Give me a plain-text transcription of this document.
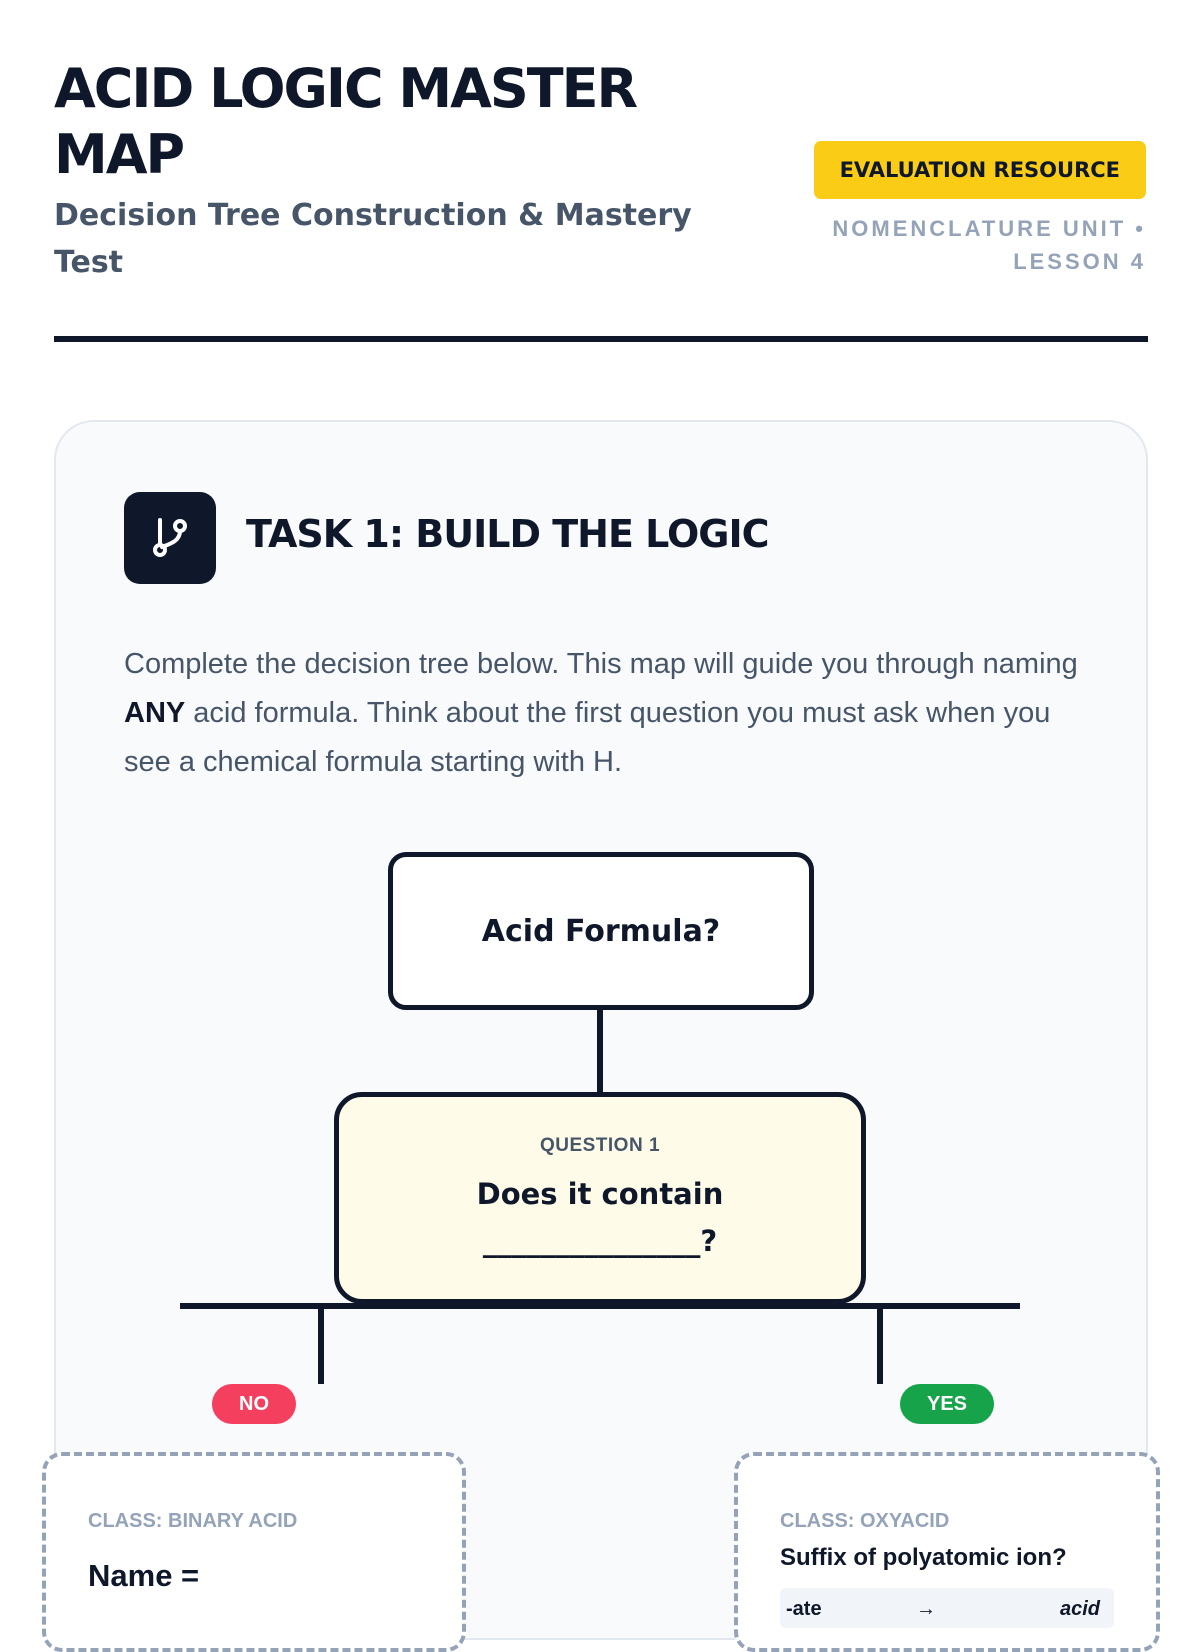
ACID LOGIC MASTER MAP

Decision Tree Construction & Mastery Test

EVALUATION RESOURCE
NOMENCLATURE UNIT •
LESSON 4
TASK 1: BUILD THE LOGIC

Complete the decision tree below. This map will guide you through naming ANY acid formula. Think about the first question you must ask when you see a chemical formula starting with H.

Acid Formula?
QUESTION 1
Does it contain
_______________?
NO	YES
CLASS: BINARY ACID
Name =
CLASS: OXYACID
Suffix of polyatomic ion?
-ate	→	acid
